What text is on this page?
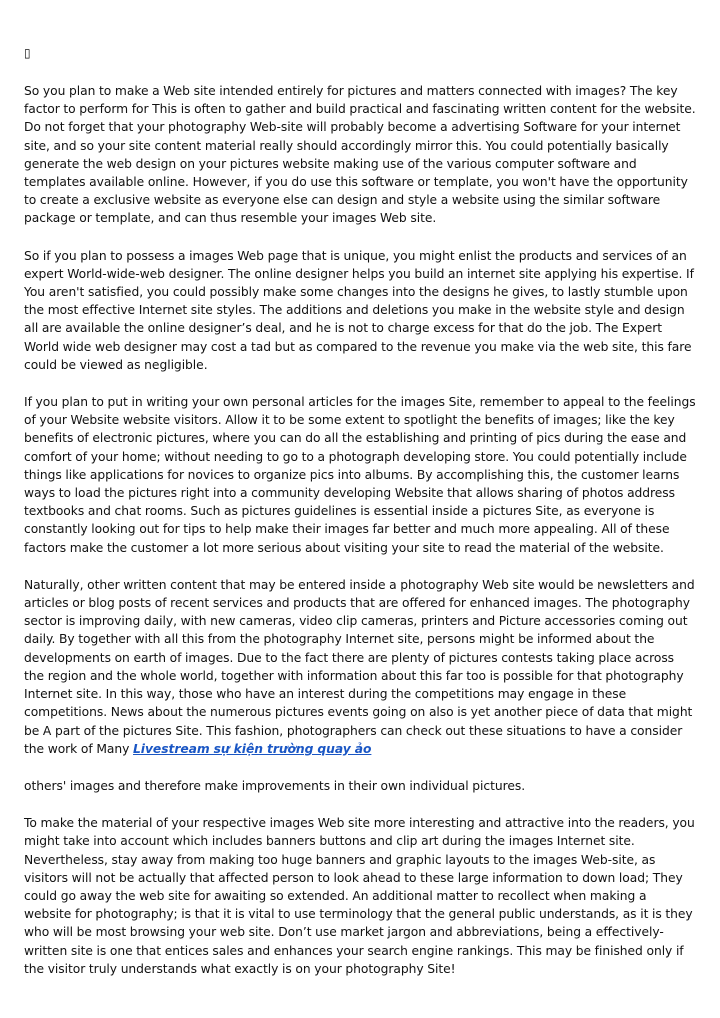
▯

So you plan to make a Web site intended entirely for pictures and matters connected with images? The key factor to perform for This is often to gather and build practical and fascinating written content for the website. Do not forget that your photography Web-site will probably become a advertising Software for your internet site, and so your site content material really should accordingly mirror this. You could potentially basically generate the web design on your pictures website making use of the various computer software and templates available online. However, if you do use this software or template, you won't have the opportunity to create a exclusive website as everyone else can design and style a website using the similar software package or template, and can thus resemble your images Web site.

So if you plan to possess a images Web page that is unique, you might enlist the products and services of an expert World-wide-web designer. The online designer helps you build an internet site applying his expertise. If You aren't satisfied, you could possibly make some changes into the designs he gives, to lastly stumble upon the most effective Internet site styles. The additions and deletions you make in the website style and design all are available the online designer’s deal, and he is not to charge excess for that do the job. The Expert World wide web designer may cost a tad but as compared to the revenue you make via the web site, this fare could be viewed as negligible.

If you plan to put in writing your own personal articles for the images Site, remember to appeal to the feelings of your Website website visitors. Allow it to be some extent to spotlight the benefits of images; like the key benefits of electronic pictures, where you can do all the establishing and printing of pics during the ease and comfort of your home; without needing to go to a photograph developing store. You could potentially include things like applications for novices to organize pics into albums. By accomplishing this, the customer learns ways to load the pictures right into a community developing Website that allows sharing of photos address textbooks and chat rooms. Such as pictures guidelines is essential inside a pictures Site, as everyone is constantly looking out for tips to help make their images far better and much more appealing. All of these factors make the customer a lot more serious about visiting your site to read the material of the website.

Naturally, other written content that may be entered inside a photography Web site would be newsletters and articles or blog posts of recent services and products that are offered for enhanced images. The photography sector is improving daily, with new cameras, video clip cameras, printers and Picture accessories coming out daily. By together with all this from the photography Internet site, persons might be informed about the developments on earth of images. Due to the fact there are plenty of pictures contests taking place across the region and the whole world, together with information about this far too is possible for that photography Internet site. In this way, those who have an interest during the competitions may engage in these competitions. News about the numerous pictures events going on also is yet another piece of data that might be A part of the pictures Site. This fashion, photographers can check out these situations to have a consider the work of Many Livestream sự kiện trường quay ảo

others' images and therefore make improvements in their own individual pictures.

To make the material of your respective images Web site more interesting and attractive into the readers, you might take into account which includes banners buttons and clip art during the images Internet site. Nevertheless, stay away from making too huge banners and graphic layouts to the images Web-site, as visitors will not be actually that affected person to look ahead to these large information to down load; They could go away the web site for awaiting so extended. An additional matter to recollect when making a website for photography; is that it is vital to use terminology that the general public understands, as it is they who will be most browsing your web site. Don’t use market jargon and abbreviations, being a effectively-written site is one that entices sales and enhances your search engine rankings. This may be finished only if the visitor truly understands what exactly is on your photography Site!
